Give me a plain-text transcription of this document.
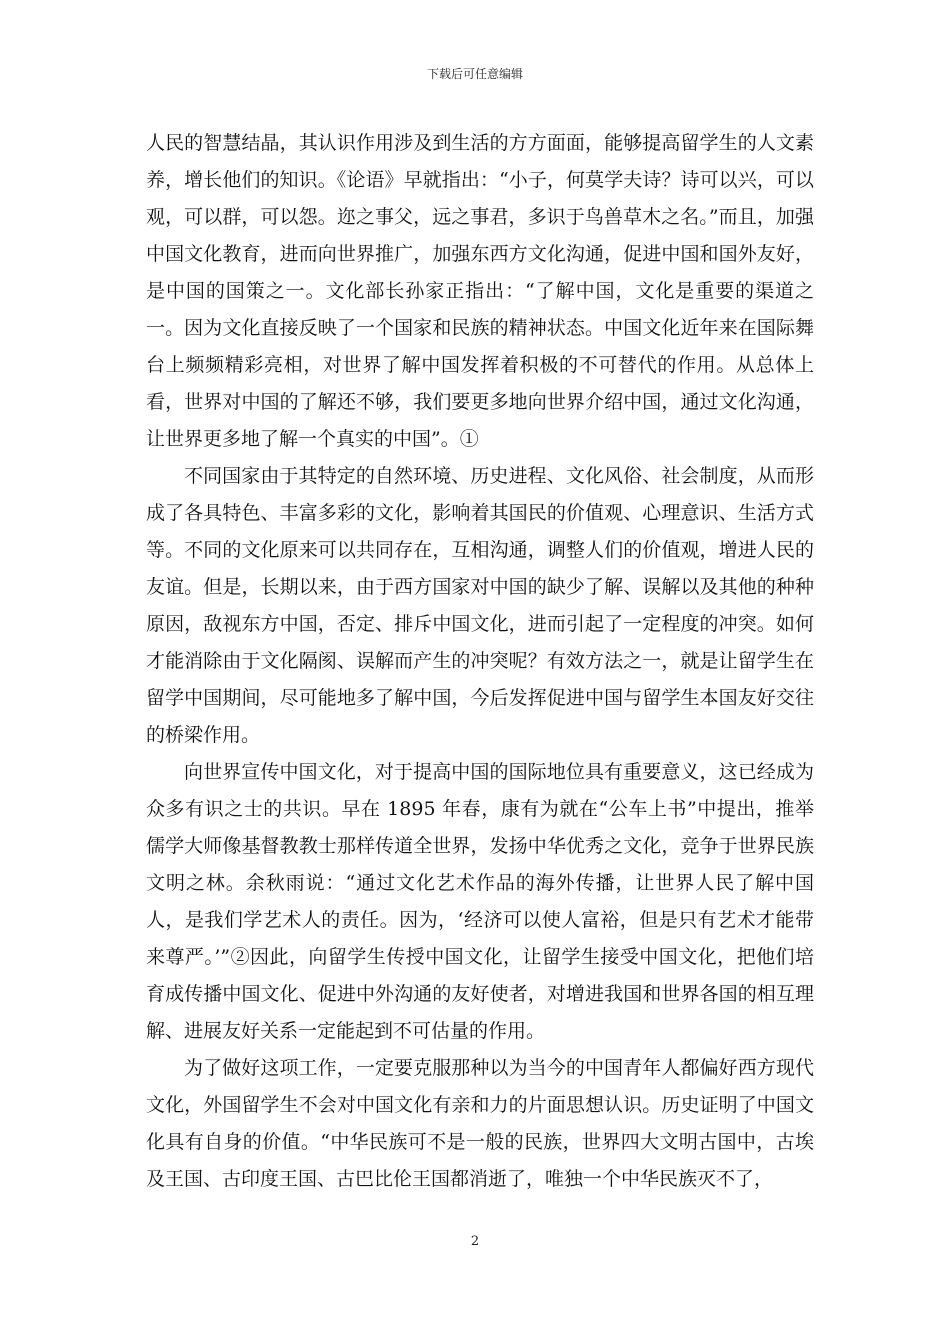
下载后可任意编辑

人民的智慧结晶，其认识作用涉及到生活的方方面面，能够提高留学生的人文素养，增长他们的知识。《论语》早就指出：“小子，何莫学夫诗？诗可以兴，可以观，可以群，可以怨。迩之事父，远之事君，多识于鸟兽草木之名。”而且，加强中国文化教育，进而向世界推广，加强东西方文化沟通，促进中国和国外友好，是中国的国策之一。文化部长孙家正指出：“了解中国，文化是重要的渠道之一。因为文化直接反映了一个国家和民族的精神状态。中国文化近年来在国际舞台上频频精彩亮相，对世界了解中国发挥着积极的不可替代的作用。从总体上看，世界对中国的了解还不够，我们要更多地向世界介绍中国，通过文化沟通，让世界更多地了解一个真实的中国”。①

不同国家由于其特定的自然环境、历史进程、文化风俗、社会制度，从而形成了各具特色、丰富多彩的文化，影响着其国民的价值观、心理意识、生活方式等。不同的文化原来可以共同存在，互相沟通，调整人们的价值观，增进人民的友谊。但是，长期以来，由于西方国家对中国的缺少了解、误解以及其他的种种原因，敌视东方中国，否定、排斥中国文化，进而引起了一定程度的冲突。如何才能消除由于文化隔阂、误解而产生的冲突呢？有效方法之一，就是让留学生在留学中国期间，尽可能地多了解中国，今后发挥促进中国与留学生本国友好交往的桥梁作用。

向世界宣传中国文化，对于提高中国的国际地位具有重要意义，这已经成为众多有识之士的共识。早在 1895 年春，康有为就在“公车上书”中提出，推举儒学大师像基督教教士那样传道全世界，发扬中华优秀之文化，竞争于世界民族文明之林。余秋雨说：“通过文化艺术作品的海外传播，让世界人民了解中国人，是我们学艺术人的责任。因为，‘经济可以使人富裕，但是只有艺术才能带来尊严。’”②因此，向留学生传授中国文化，让留学生接受中国文化，把他们培育成传播中国文化、促进中外沟通的友好使者，对增进我国和世界各国的相互理解、进展友好关系一定能起到不可估量的作用。

为了做好这项工作，一定要克服那种以为当今的中国青年人都偏好西方现代文化，外国留学生不会对中国文化有亲和力的片面思想认识。历史证明了中国文化具有自身的价值。“中华民族可不是一般的民族，世界四大文明古国中，古埃及王国、古印度王国、古巴比伦王国都消逝了，唯独一个中华民族灭不了，

2
